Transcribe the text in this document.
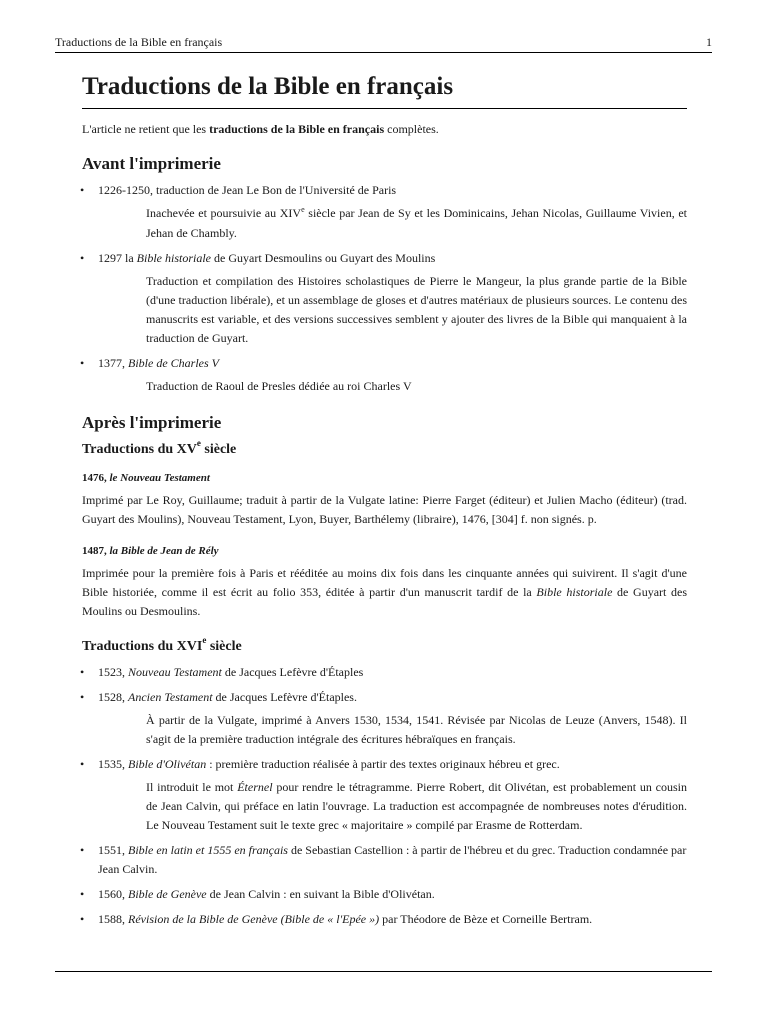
Traductions de la Bible en français	1
Traductions de la Bible en français

L'article ne retient que les traductions de la Bible en français complètes.

Avant l'imprimerie
• 1226-1250, traduction de Jean Le Bon de l'Université de Paris
Inachevée et poursuivie au XIVe siècle par Jean de Sy et les Dominicains, Jehan Nicolas, Guillaume Vivien, et Jehan de Chambly.
• 1297 la Bible historiale de Guyart Desmoulins ou Guyart des Moulins
Traduction et compilation des Histoires scholastiques de Pierre le Mangeur, la plus grande partie de la Bible (d'une traduction libérale), et un assemblage de gloses et d'autres matériaux de plusieurs sources. Le contenu des manuscrits est variable, et des versions successives semblent y ajouter des livres de la Bible qui manquaient à la traduction de Guyart.
• 1377, Bible de Charles V
Traduction de Raoul de Presles dédiée au roi Charles V
Après l'imprimerie
Traductions du XVe siècle
1476, le Nouveau Testament

Imprimé par Le Roy, Guillaume; traduit à partir de la Vulgate latine: Pierre Farget (éditeur) et Julien Macho (éditeur) (trad. Guyart des Moulins), Nouveau Testament, Lyon, Buyer, Barthélemy (libraire), 1476, [304] f. non signés. p.

1487, la Bible de Jean de Rély

Imprimée pour la première fois à Paris et rééditée au moins dix fois dans les cinquante années qui suivirent. Il s'agit d'une Bible historiée, comme il est écrit au folio 353, éditée à partir d'un manuscrit tardif de la Bible historiale de Guyart des Moulins ou Desmoulins.

Traductions du XVIe siècle
• 1523, Nouveau Testament de Jacques Lefèvre d'Étaples
• 1528, Ancien Testament de Jacques Lefèvre d'Étaples.
À partir de la Vulgate, imprimé à Anvers 1530, 1534, 1541. Révisée par Nicolas de Leuze (Anvers, 1548). Il s'agit de la première traduction intégrale des écritures hébraïques en français.
• 1535, Bible d'Olivétan : première traduction réalisée à partir des textes originaux hébreu et grec.
Il introduit le mot Éternel pour rendre le tétragramme. Pierre Robert, dit Olivétan, est probablement un cousin de Jean Calvin, qui préface en latin l'ouvrage. La traduction est accompagnée de nombreuses notes d'érudition. Le Nouveau Testament suit le texte grec « majoritaire » compilé par Erasme de Rotterdam.
• 1551, Bible en latin et 1555 en français de Sebastian Castellion : à partir de l'hébreu et du grec. Traduction condamnée par Jean Calvin.
• 1560, Bible de Genève de Jean Calvin : en suivant la Bible d'Olivétan.
• 1588, Révision de la Bible de Genève (Bible de « l'Epée ») par Théodore de Bèze et Corneille Bertram.
